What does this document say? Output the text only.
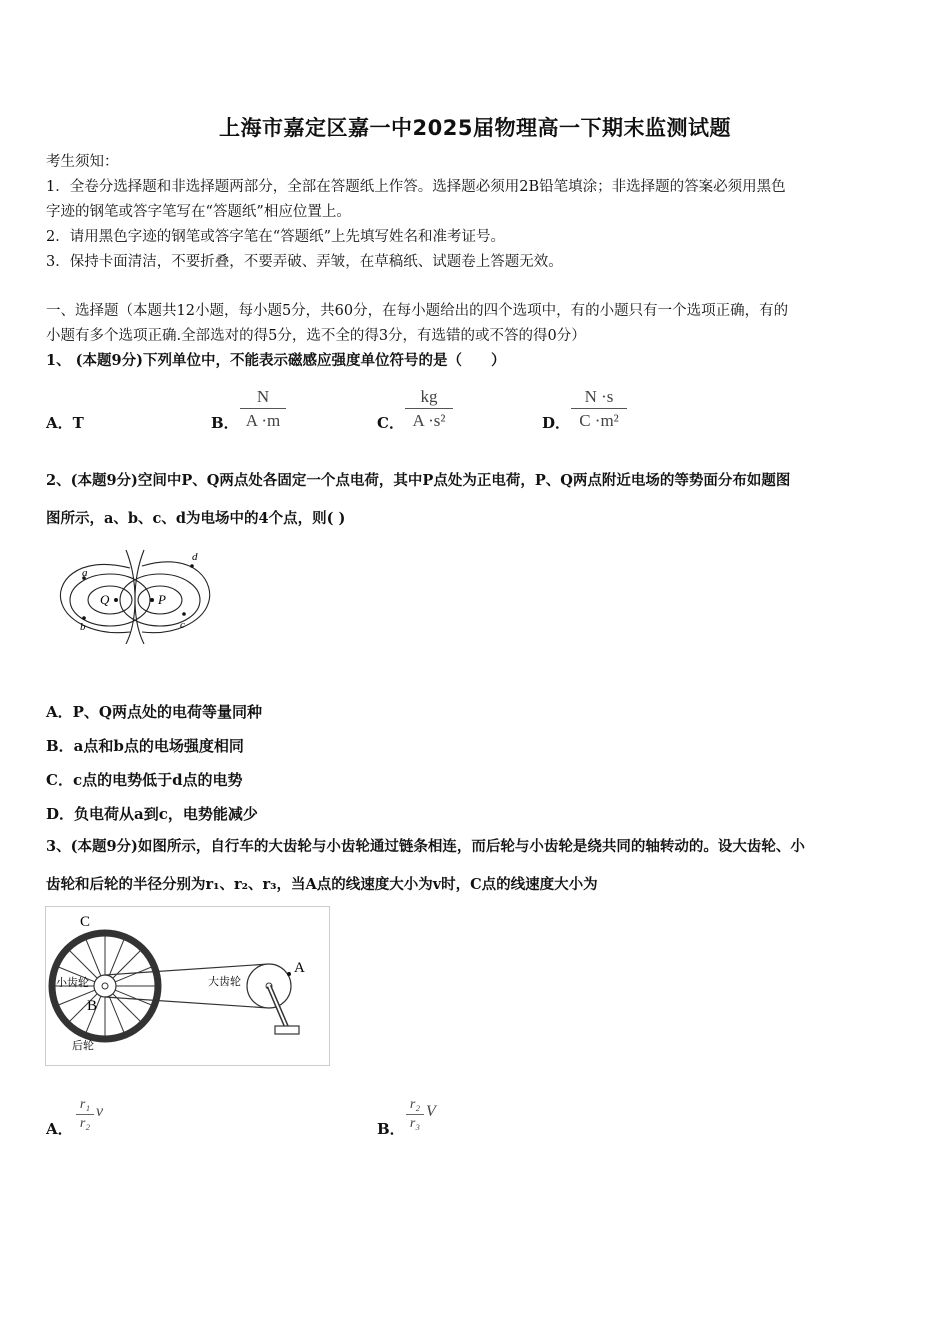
上海市嘉定区嘉一中2025届物理高一下期末监测试题
考生须知：
1．全卷分选择题和非选择题两部分，全部在答题纸上作答。选择题必须用2B铅笔填涂；非选择题的答案必须用黑色
字迹的钢笔或答字笔写在“答题纸”相应位置上。
2．请用黑色字迹的钢笔或答字笔在“答题纸”上先填写姓名和准考证号。
3．保持卡面清洁，不要折叠，不要弄破、弄皱，在草稿纸、试题卷上答题无效。
一、选择题（本题共12小题，每小题5分，共60分，在每小题给出的四个选项中，有的小题只有一个选项正确，有的
小题有多个选项正确.全部选对的得5分，选不全的得3分，有选错的或不答的得0分）
1、 (本题9分)下列单位中，不能表示磁感应强度单位符号的是（　　）
A．T	B．
N
A ·m	C．
kg
A ·s²	D．
N ·s
C ·m²
2、(本题9分)空间中P、Q两点处各固定一个点电荷，其中P点处为正电荷，P、Q两点附近电场的等势面分布如题图
图所示，a、b、c、d为电场中的4个点，则( )
Q	P
a
b	c
d
A．P、Q两点处的电荷等量同种
B．a点和b点的电场强度相同
C．c点的电势低于d点的电势
D．负电荷从a到c，电势能减少
3、(本题9分)如图所示，自行车的大齿轮与小齿轮通过链条相连，而后轮与小齿轮是绕共同的轴转动的。设大齿轮、小
齿轮和后轮的半径分别为r₁、r₂、r₃，当A点的线速度大小为v时，C点的线速度大小为
C
A
B
小齿轮	大齿轮
后轮
A．
r₁
r₂
v
B．
r₂
r₃
V
